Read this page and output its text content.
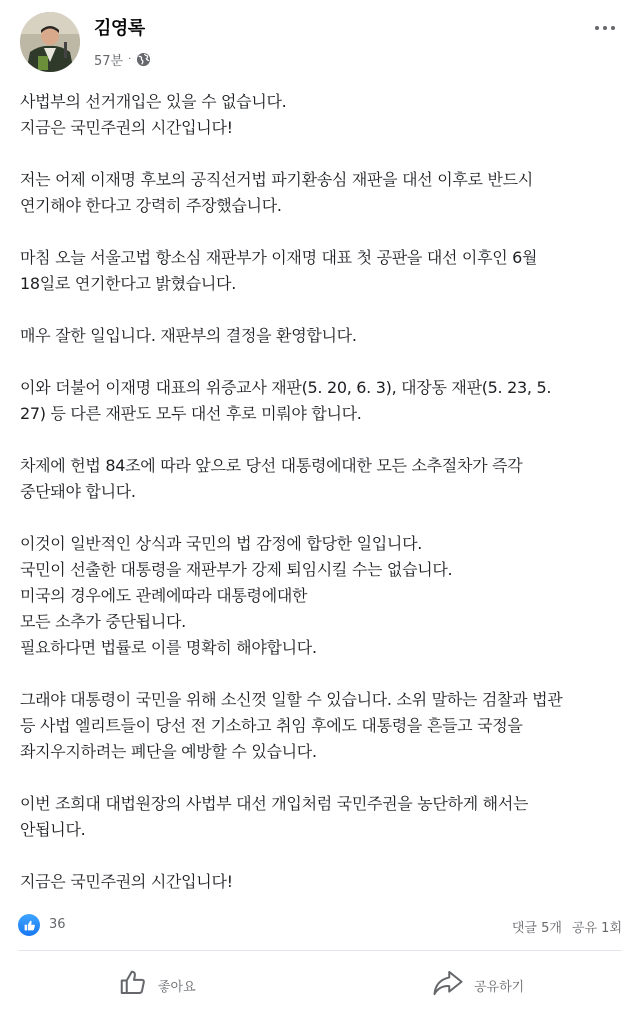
김영록
57분 ·

사법부의 선거개입은 있을 수 없습니다.
지금은 국민주권의 시간입니다!

저는 어제 이재명 후보의 공직선거법 파기환송심 재판을 대선 이후로 반드시
연기해야 한다고 강력히 주장했습니다.

마침 오늘 서울고법 항소심 재판부가 이재명 대표 첫 공판을 대선 이후인 6월
18일로 연기한다고 밝혔습니다.

매우 잘한 일입니다. 재판부의 결정을 환영합니다.

이와 더불어 이재명 대표의 위증교사 재판(5. 20, 6. 3), 대장동 재판(5. 23, 5.
27) 등 다른 재판도 모두 대선 후로 미뤄야 합니다.

차제에 헌법 84조에 따라 앞으로 당선 대통령에대한 모든 소추절차가 즉각
중단돼야 합니다.

이것이 일반적인 상식과 국민의 법 감정에 합당한 일입니다.
국민이 선출한 대통령을 재판부가 강제 퇴임시킬 수는 없습니다.
미국의 경우에도 관례에따라 대통령에대한
모든 소추가 중단됩니다.
필요하다면 법률로 이를 명확히 해야합니다.

그래야 대통령이 국민을 위해 소신껏 일할 수 있습니다. 소위 말하는 검찰과 법관
등 사법 엘리트들이 당선 전 기소하고 취임 후에도 대통령을 흔들고 국정을
좌지우지하려는 폐단을 예방할 수 있습니다.

이번 조희대 대법원장의 사법부 대선 개입처럼 국민주권을 농단하게 해서는
안됩니다.

지금은 국민주권의 시간입니다!

36	댓글 5개 공유 1회
좋아요	공유하기
